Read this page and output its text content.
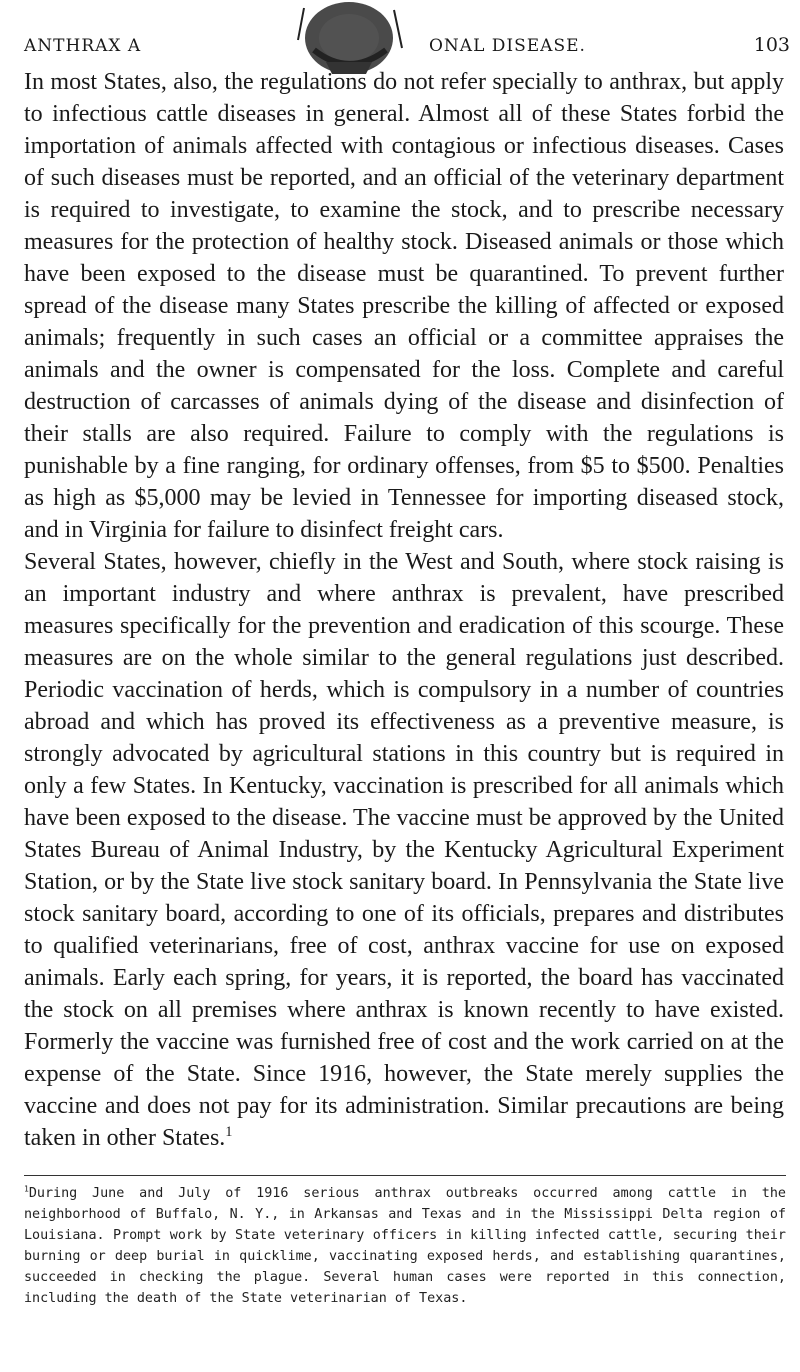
ANTHRAX A	ONAL DISEASE.	103

In most States, also, the regulations do not refer specially to anthrax, but apply to infectious cattle diseases in general. Almost all of these States forbid the importation of animals affected with contagious or infectious diseases. Cases of such diseases must be reported, and an official of the veterinary department is required to investigate, to examine the stock, and to prescribe necessary measures for the protection of healthy stock. Diseased animals or those which have been exposed to the disease must be quarantined. To prevent further spread of the disease many States prescribe the killing of affected or exposed animals; frequently in such cases an official or a committee appraises the animals and the owner is compensated for the loss. Complete and careful destruction of carcasses of animals dying of the disease and disinfection of their stalls are also required. Failure to comply with the regulations is punishable by a fine ranging, for ordinary offenses, from $5 to $500. Penalties as high as $5,000 may be levied in Tennessee for importing diseased stock, and in Virginia for failure to disinfect freight cars.

Several States, however, chiefly in the West and South, where stock raising is an important industry and where anthrax is prevalent, have prescribed measures specifically for the prevention and eradication of this scourge. These measures are on the whole similar to the general regulations just described. Periodic vaccination of herds, which is compulsory in a number of countries abroad and which has proved its effectiveness as a preventive measure, is strongly advocated by agricultural stations in this country but is required in only a few States. In Kentucky, vaccination is prescribed for all animals which have been exposed to the disease. The vaccine must be approved by the United States Bureau of Animal Industry, by the Kentucky Agricultural Experiment Station, or by the State live stock sanitary board. In Pennsylvania the State live stock sanitary board, according to one of its officials, prepares and distributes to qualified veterinarians, free of cost, anthrax vaccine for use on exposed animals. Early each spring, for years, it is reported, the board has vaccinated the stock on all premises where anthrax is known recently to have existed. Formerly the vaccine was furnished free of cost and the work carried on at the expense of the State. Since 1916, however, the State merely supplies the vaccine and does not pay for its administration. Similar precautions are being taken in other States.$^1$

$^1$During June and July of 1916 serious anthrax outbreaks occurred among cattle in the neighborhood of Buffalo, N. Y., in Arkansas and Texas and in the Mississippi Delta region of Louisiana. Prompt work by State veterinary officers in killing infected cattle, securing their burning or deep burial in quicklime, vaccinating exposed herds, and establishing quarantines, succeeded in checking the plague. Several human cases were reported in this connection, including the death of the State veterinarian of Texas.
